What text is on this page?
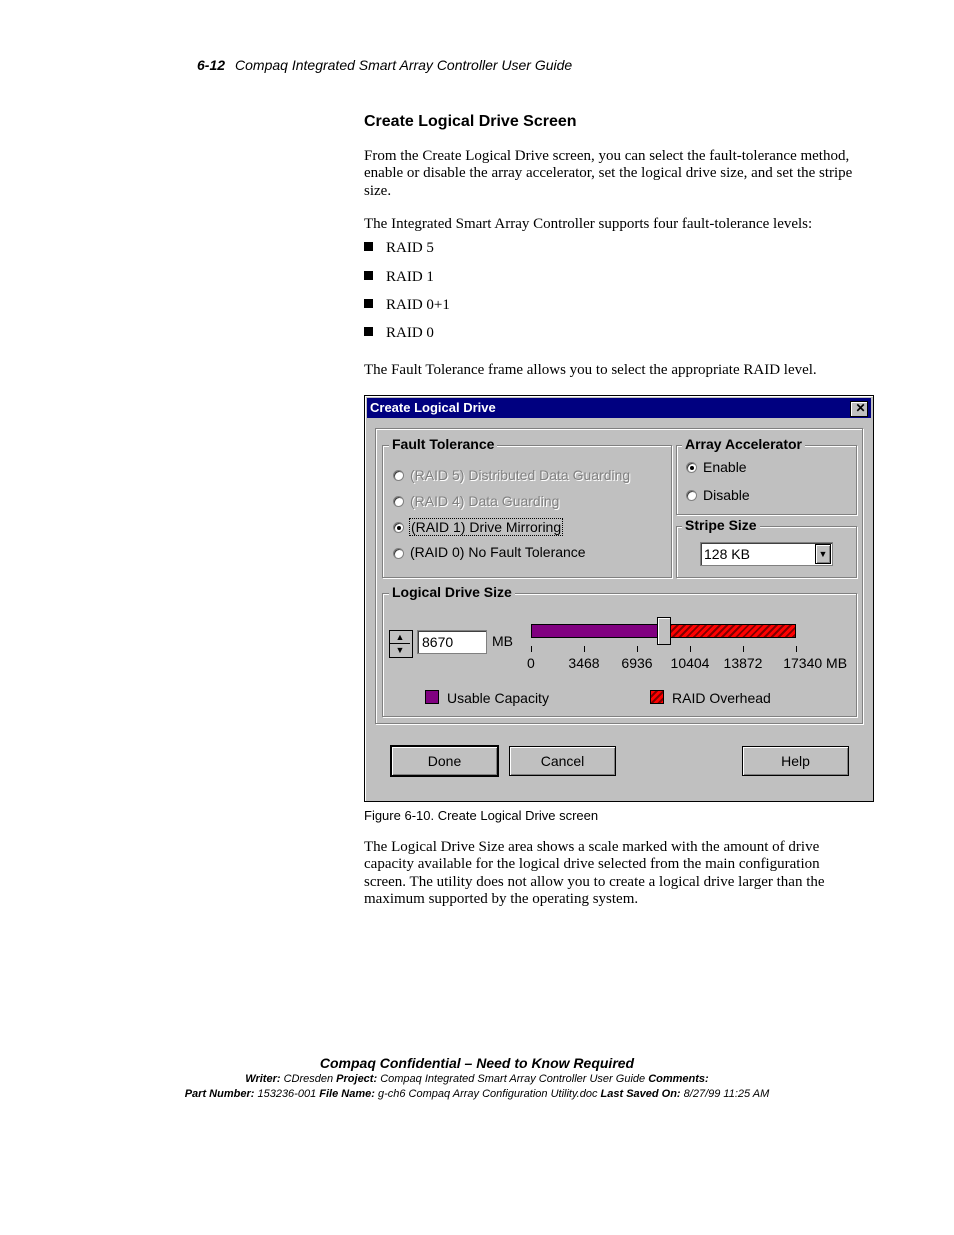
6-12 Compaq Integrated Smart Array Controller User Guide
Create Logical Drive Screen
From the Create Logical Drive screen, you can select the fault-tolerance method, enable or disable the array accelerator, set the logical drive size, and set the stripe size.
The Integrated Smart Array Controller supports four fault-tolerance levels:
RAID 5
RAID 1
RAID 0+1
RAID 0
The Fault Tolerance frame allows you to select the appropriate RAID level.
Create Logical Drive	✕
Fault Tolerance
(RAID 5) Distributed Data Guarding
(RAID 4) Data Guarding
(RAID 1) Drive Mirroring
(RAID 0) No Fault Tolerance
Array Accelerator
Enable
Disable
Stripe Size
128 KB	▼
Logical Drive Size
▲
▼	8670	MB
0 3468 6936 10404 13872 17340 MB
Usable Capacity	RAID Overhead
Done	Cancel	Help
Figure 6-10. Create Logical Drive screen
The Logical Drive Size area shows a scale marked with the amount of drive capacity available for the logical drive selected from the main configuration screen. The utility does not allow you to create a logical drive larger than the maximum supported by the operating system.
Compaq Confidential – Need to Know Required
Writer: CDresden Project: Compaq Integrated Smart Array Controller User Guide Comments:
Part Number: 153236-001 File Name: g-ch6 Compaq Array Configuration Utility.doc Last Saved On: 8/27/99 11:25 AM
